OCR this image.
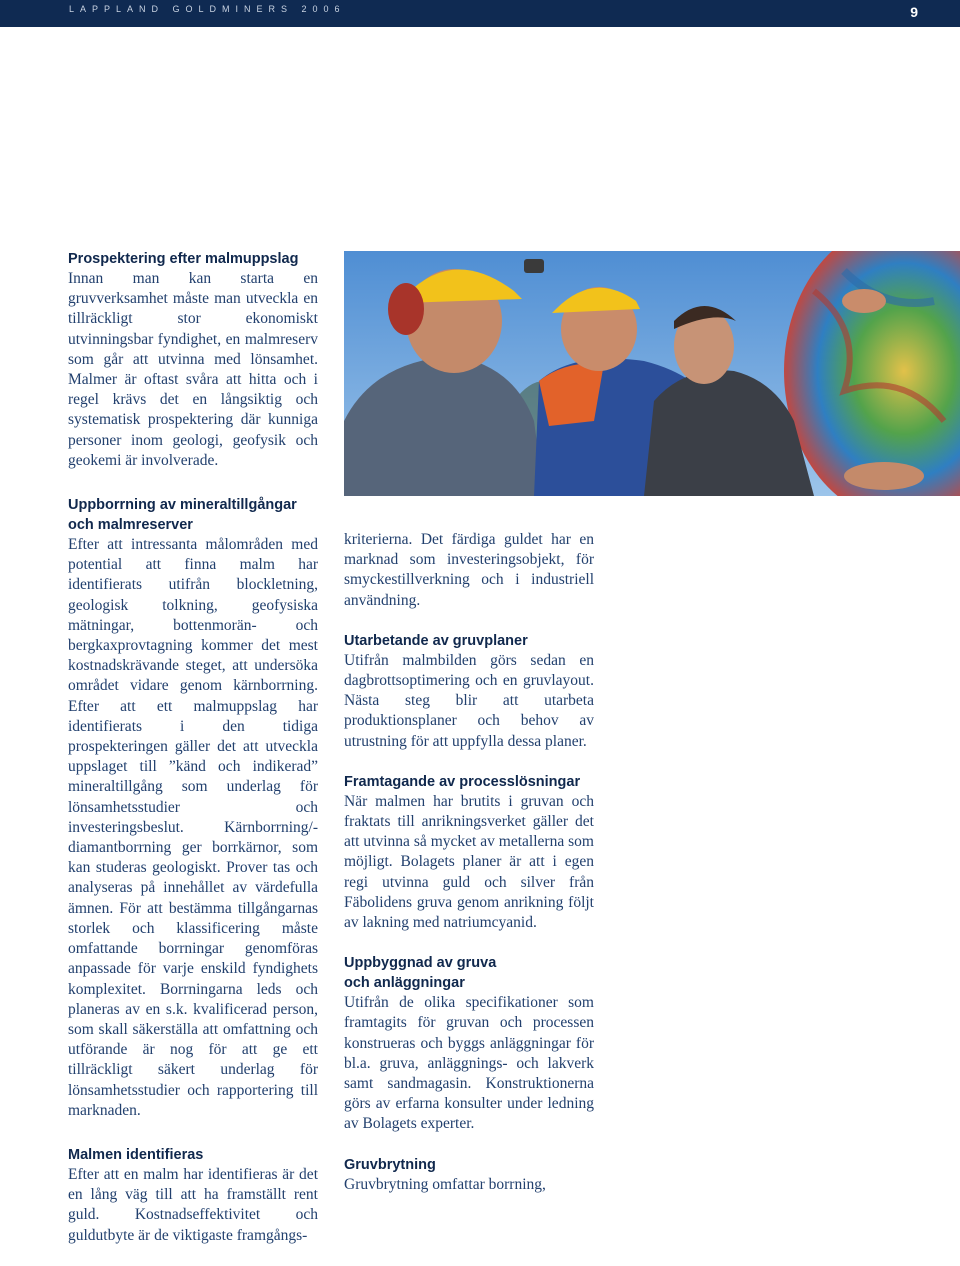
LAPPLAND GOLDMINERS 2006	9
Prospektering efter malmuppslag

Innan man kan starta en gruvverksamhet måste man utveckla en tillräckligt stor ekonomiskt utvinningsbar fyndighet, en malmreserv som går att utvinna med lönsamhet. Malmer är oftast svåra att hitta och i regel krävs det en långsiktig och systematisk prospektering där kunniga personer inom geologi, geofysik och geokemi är involverade.

Uppborrning av mineraltillgångar
och malmreserver

Efter att intressanta målområden med potential att finna malm har identifierats utifrån blockletning, geologisk tolkning, geofysiska mätningar, bottenmorän- och bergkaxprovtagning kommer det mest kostnadskrävande steget, att undersöka området vidare genom kärnborrning. Efter att ett malmuppslag har identifierats i den tidiga prospekteringen gäller det att utveckla uppslaget till ”känd och indikerad” mineraltillgång som underlag för lönsamhetsstudier och investeringsbeslut. Kärnborrning/-diamantborrning ger borrkärnor, som kan studeras geologiskt. Prover tas och analyseras på innehållet av värdefulla ämnen. För att bestämma tillgångarnas storlek och klassificering måste omfattande borrningar genomföras anpassade för varje enskild fyndighets komplexitet. Borrningarna leds och planeras av en s.k. kvalificerad person, som skall säkerställa att omfattning och utförande är nog för att ge ett tillräckligt säkert underlag för lönsamhetsstudier och rapportering till marknaden.

Malmen identifieras

Efter att en malm har identifieras är det en lång väg till att ha framställt rent guld. Kostnadseffektivitet och guldutbyte är de viktigaste framgångs-

kriterierna. Det färdiga guldet har en marknad som investeringsobjekt, för smyckestillverkning och i industriell användning.

Utarbetande av gruvplaner

Utifrån malmbilden görs sedan en dagbrottsoptimering och en gruvlayout. Nästa steg blir att utarbeta produktionsplaner och behov av utrustning för att uppfylla dessa planer.

Framtagande av processlösningar

När malmen har brutits i gruvan och fraktats till anrikningsverket gäller det att utvinna så mycket av metallerna som möjligt. Bolagets planer är att i egen regi utvinna guld och silver från Fäbolidens gruva genom anrikning följt av lakning med natriumcyanid.

Uppbyggnad av gruva
och anläggningar

Utifrån de olika specifikationer som framtagits för gruvan och processen konstrueras och byggs anläggningar för bl.a. gruva, anläggnings- och lakverk samt sandmagasin. Konstruktionerna görs av erfarna konsulter under ledning av Bolagets experter.

Gruvbrytning

Gruvbrytning omfattar borrning,
